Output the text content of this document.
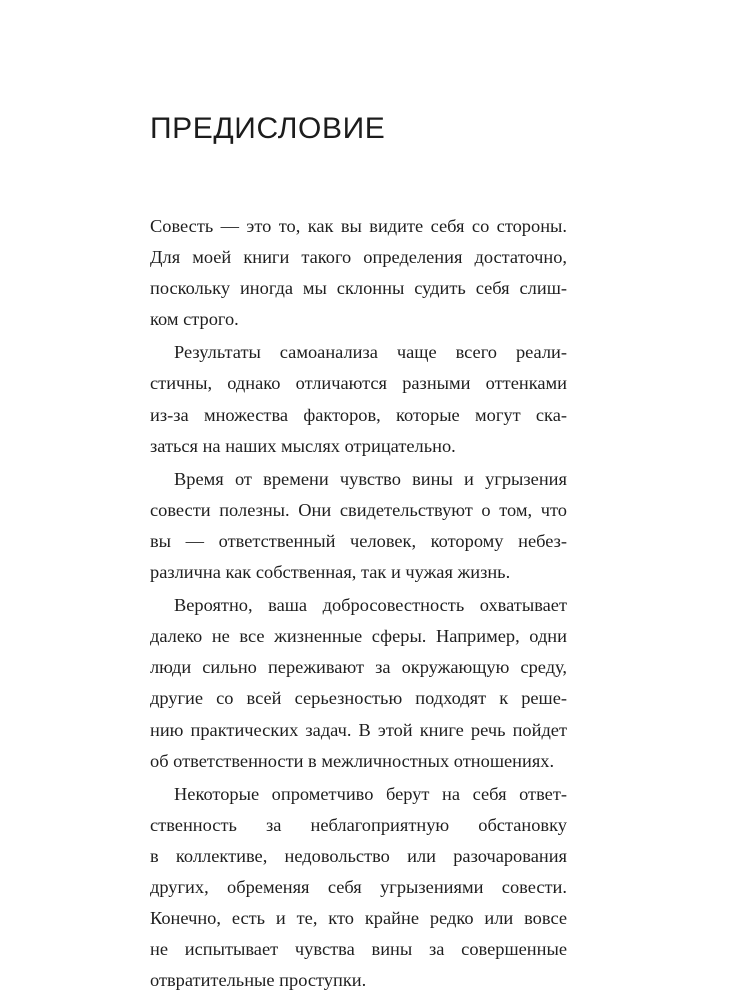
ПРЕДИСЛОВИЕ
Совесть — это то, как вы видите себя со стороны.
Для моей книги такого определения достаточно,
поскольку иногда мы склонны судить себя слиш-
ком строго.
Результаты самоанализа чаще всего реали-
стичны, однако отличаются разными оттенками
из-за множества факторов, которые могут ска-
заться на наших мыслях отрицательно.
Время от времени чувство вины и угрызения
совести полезны. Они свидетельствуют о том, что
вы — ответственный человек, которому небез-
различна как собственная, так и чужая жизнь.
Вероятно, ваша добросовестность охватывает
далеко не все жизненные сферы. Например, одни
люди сильно переживают за окружающую среду,
другие со всей серьезностью подходят к реше-
нию практических задач. В этой книге речь пойдет
об ответственности в межличностных отношениях.
Некоторые опрометчиво берут на себя ответ-
ственность за неблагоприятную обстановку
в коллективе, недовольство или разочарования
других, обременяя себя угрызениями совести.
Конечно, есть и те, кто крайне редко или вовсе
не испытывает чувства вины за совершенные
отвратительные проступки.
